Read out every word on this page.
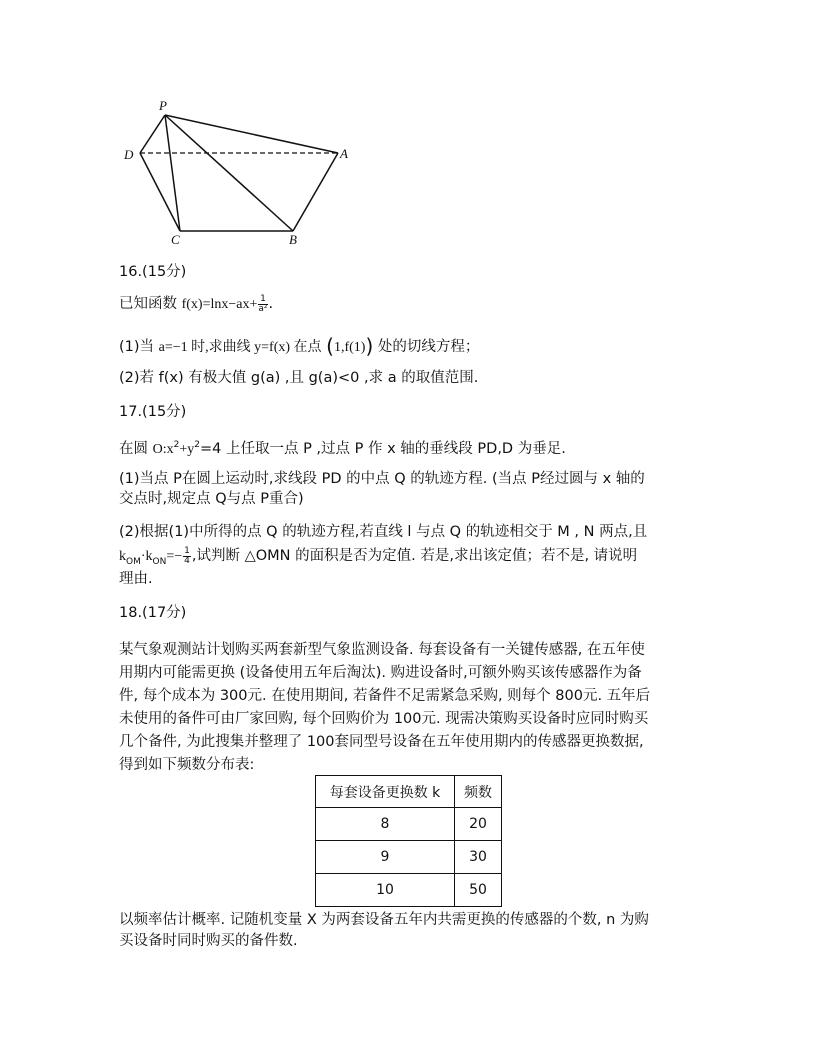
P
D	A
C	B
16.(15分)
已知函数 $f(x)=\ln x-ax+ \frac{1}{\text{a²}}$ .
(1)当 a=−1 时,求曲线 y=f(x) 在点 (1,f(1)) 处的切线方程；
(2)若 f(x) 有极大值 g(a) ,且 g(a)<0 ,求 a 的取值范围.
17.(15分)
在圆 $O:x^2+y^2=4$ 上任取一点 P ,过点 P 作 x 轴的垂线段 PD,D 为垂足.
(1)当点 P在圆上运动时,求线段 PD 的中点 Q 的轨迹方程. (当点 P经过圆与 x 轴的
交点时,规定点 Q与点 P重合)
(2)根据(1)中所得的点 Q 的轨迹方程,若直线 l 与点 Q 的轨迹相交于 M , N 两点,且
$k_{OM}\cdot k_{ON}=- \frac{1}{4}$ ,试判断 △OMN 的面积是否为定值. 若是,求出该定值；若不是, 请说明
理由.
18.(17分)
某气象观测站计划购买两套新型气象监测设备. 每套设备有一关键传感器, 在五年使
用期内可能需更换 (设备使用五年后淘汰). 购进设备时,可额外购买该传感器作为备
件, 每个成本为 300元. 在使用期间, 若备件不足需紧急采购, 则每个 800元. 五年后
未使用的备件可由厂家回购, 每个回购价为 100元. 现需决策购买设备时应同时购买
几个备件, 为此搜集并整理了 100套同型号设备在五年使用期内的传感器更换数据,
得到如下频数分布表:
每套设备更换数 k	频数
8	20
9	30
10	50
以频率估计概率. 记随机变量 X 为两套设备五年内共需更换的传感器的个数, n 为购
买设备时同时购买的备件数.
